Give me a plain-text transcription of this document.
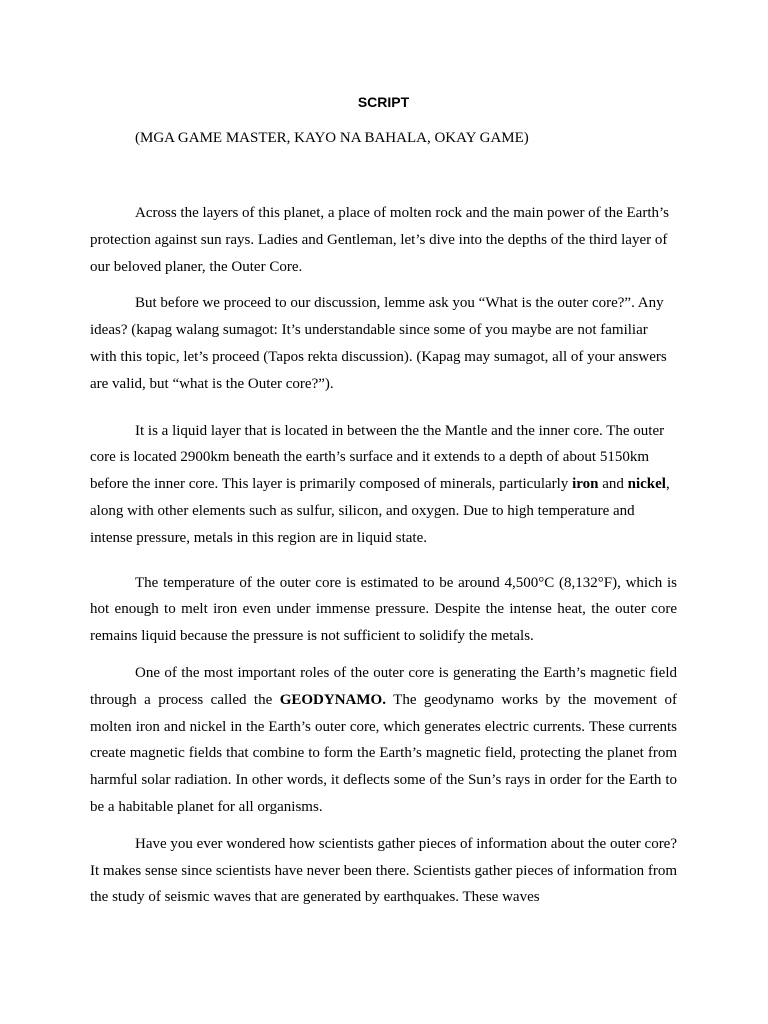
SCRIPT

(MGA GAME MASTER, KAYO NA BAHALA, OKAY GAME)

Across the layers of this planet, a place of molten rock and the main power of the Earth’s protection against sun rays. Ladies and Gentleman, let’s dive into the depths of the third layer of our beloved planer, the Outer Core.

But before we proceed to our discussion, lemme ask you “What is the outer core?”. Any ideas? (kapag walang sumagot: It’s understandable since some of you maybe are not familiar with this topic, let’s proceed (Tapos rekta discussion). (Kapag may sumagot, all of your answers are valid, but “what is the Outer core?”).

It is a liquid layer that is located in between the the Mantle and the inner core. The outer core is located 2900km beneath the earth’s surface and it extends to a depth of about 5150km before the inner core. This layer is primarily composed of minerals, particularly iron and nickel, along with other elements such as sulfur, silicon, and oxygen. Due to high temperature and intense pressure, metals in this region are in liquid state.

The temperature of the outer core is estimated to be around 4,500°C (8,132°F), which is hot enough to melt iron even under immense pressure. Despite the intense heat, the outer core remains liquid because the pressure is not sufficient to solidify the metals.

One of the most important roles of the outer core is generating the Earth’s magnetic field through a process called the GEODYNAMO. The geodynamo works by the movement of molten iron and nickel in the Earth’s outer core, which generates electric currents. These currents create magnetic fields that combine to form the Earth’s magnetic field, protecting the planet from harmful solar radiation. In other words, it deflects some of the Sun’s rays in order for the Earth to be a habitable planet for all organisms.

Have you ever wondered how scientists gather pieces of information about the outer core? It makes sense since scientists have never been there. Scientists gather pieces of information from the study of seismic waves that are generated by earthquakes. These waves
